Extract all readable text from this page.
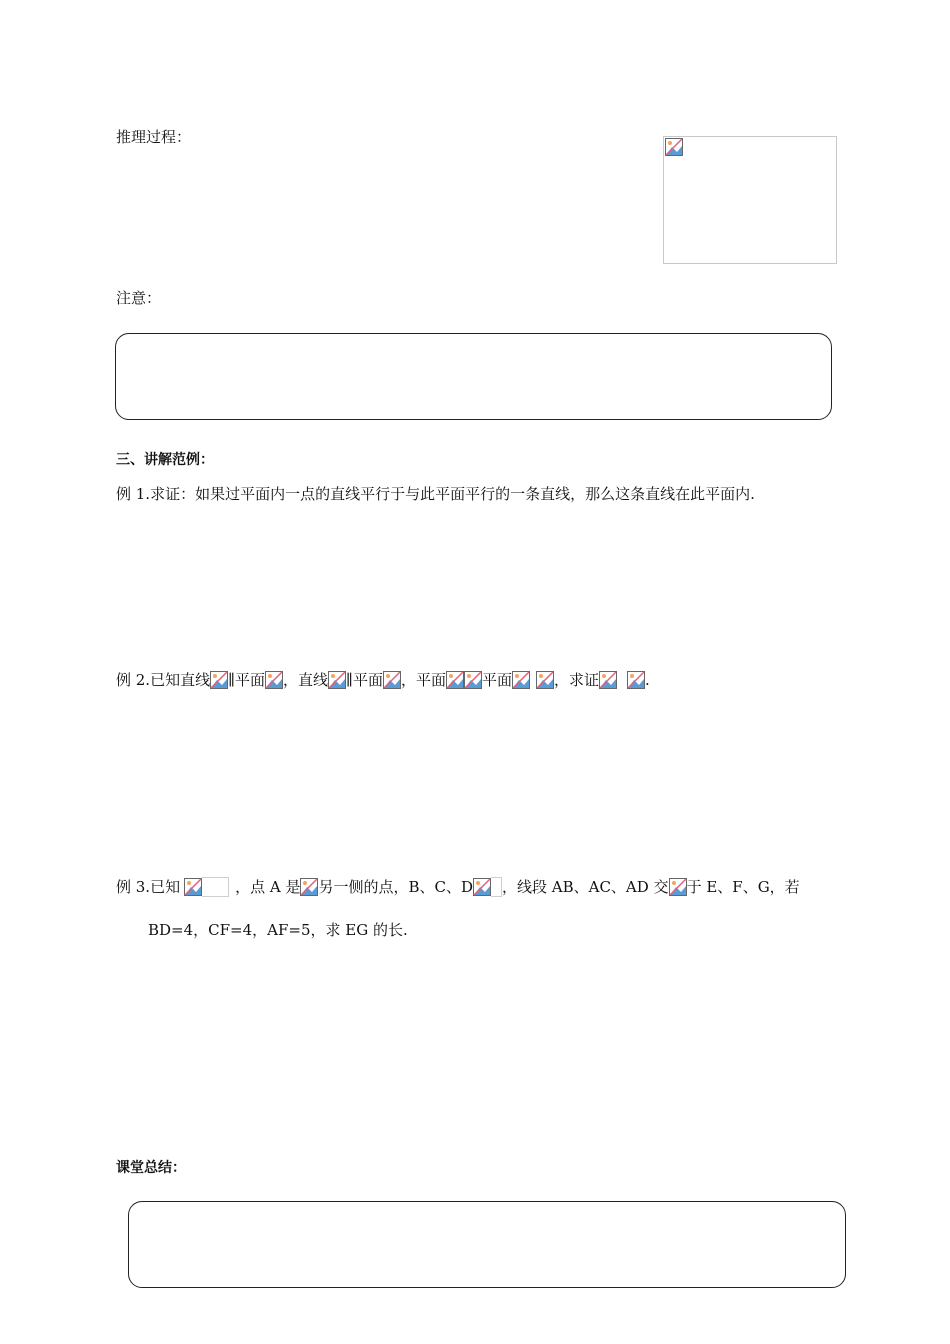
推理过程：
注意：
三、讲解范例：
例 1.求证：如果过平面内一点的直线平行于与此平面平行的一条直线，那么这条直线在此平面内.
例 2.已知直线 ∥平面 ，直线 ∥平面 ，平面 平面	，求证	.
例 3.已知	，点 A 是 另一侧的点，B、C、D ，线段 AB、AC、AD 交 于 E、F、G，若
BD=4，CF=4，AF=5，求 EG 的长.
课堂总结：
